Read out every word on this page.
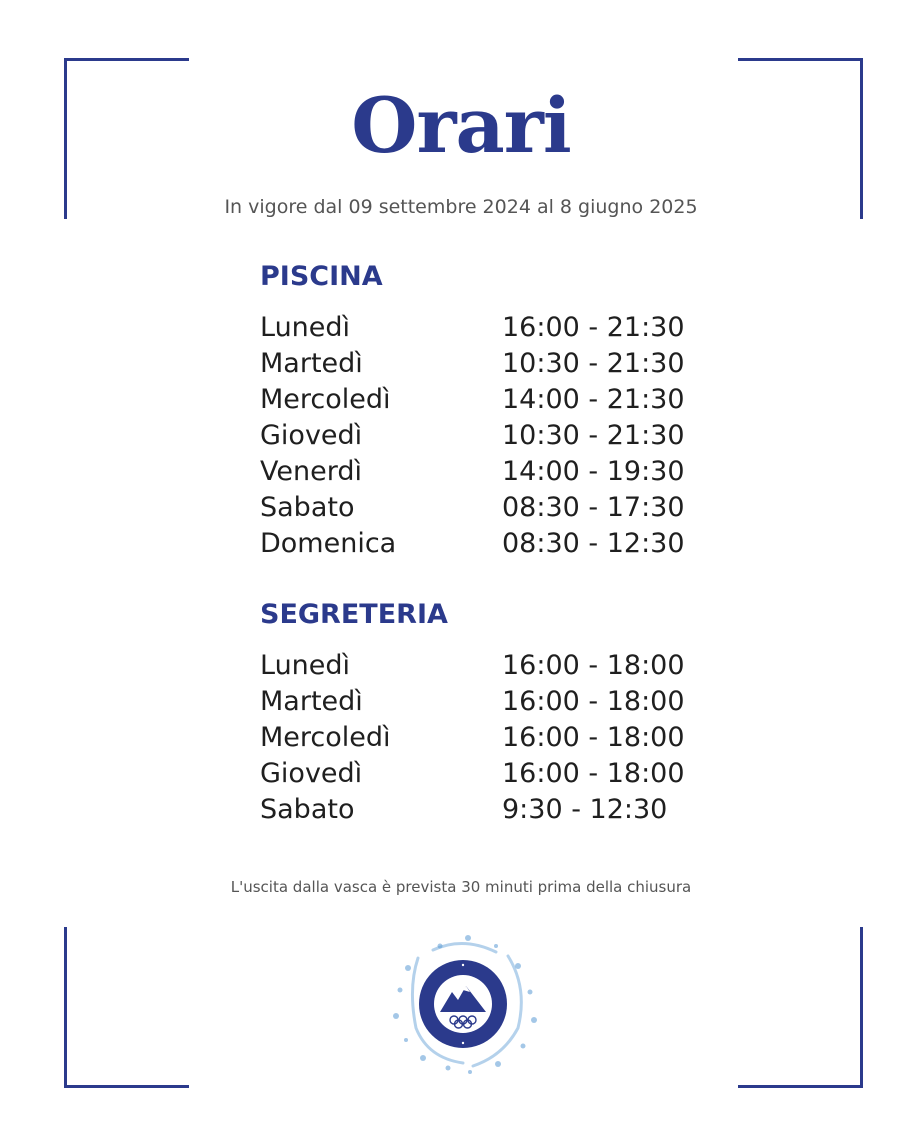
Orari
In vigore dal 09 settembre 2024 al 8 giugno 2025
PISCINA
Lunedì	16:00 - 21:30
Martedì	10:30 - 21:30
Mercoledì	14:00 - 21:30
Giovedì	10:30 - 21:30
Venerdì	14:00 - 19:30
Sabato	08:30 - 17:30
Domenica	08:30 - 12:30
SEGRETERIA
Lunedì	16:00 - 18:00
Martedì	16:00 - 18:00
Mercoledì	16:00 - 18:00
Giovedì	16:00 - 18:00
Sabato	9:30 - 12:30
L'uscita dalla vasca è prevista 30 minuti prima della chiusura
